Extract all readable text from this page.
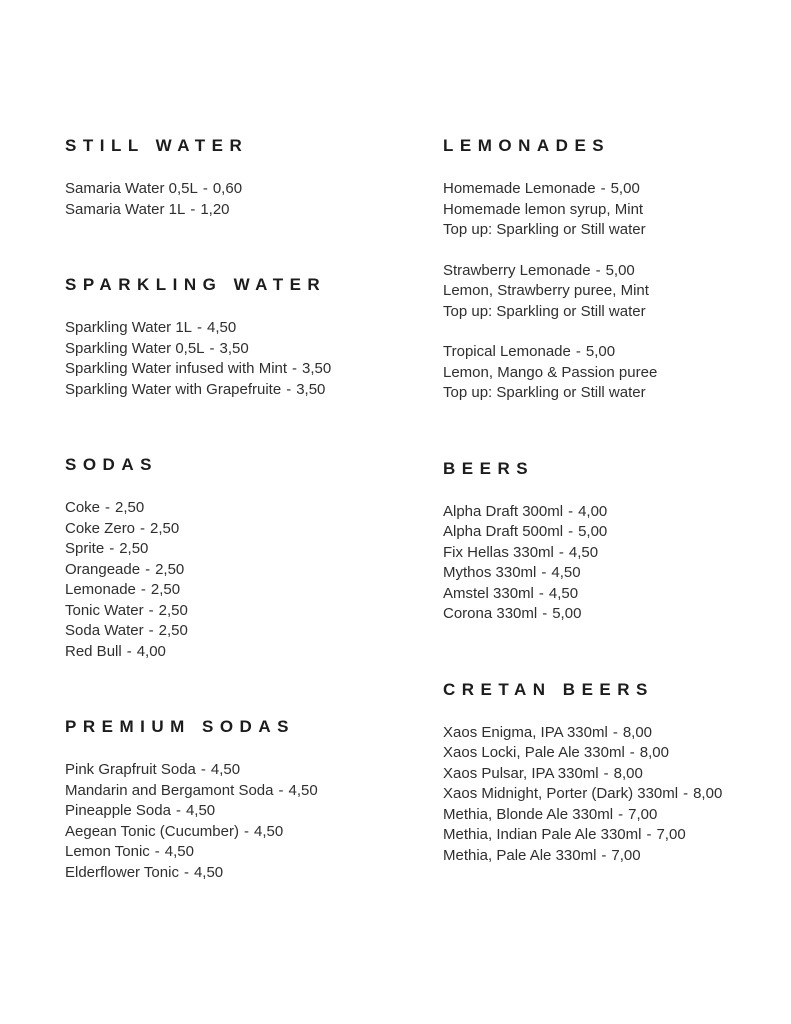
STILL WATER
Samaria Water 0,5L - 0,60
Samaria Water 1L - 1,20
SPARKLING WATER
Sparkling Water 1L - 4,50
Sparkling Water 0,5L - 3,50
Sparkling Water infused with Mint - 3,50
Sparkling Water with Grapefruite - 3,50
SODAS
Coke - 2,50
Coke Zero - 2,50
Sprite - 2,50
Orangeade - 2,50
Lemonade - 2,50
Tonic Water - 2,50
Soda Water - 2,50
Red Bull - 4,00
PREMIUM SODAS
Pink Grapfruit Soda - 4,50
Mandarin and Bergamont Soda - 4,50
Pineapple Soda - 4,50
Aegean Tonic (Cucumber) - 4,50
Lemon Tonic - 4,50
Elderflower Tonic - 4,50
LEMONADES
Homemade Lemonade - 5,00
Homemade lemon syrup, Mint
Top up: Sparkling or Still water
Strawberry Lemonade - 5,00
Lemon, Strawberry puree, Mint
Top up: Sparkling or Still water
Tropical Lemonade - 5,00
Lemon, Mango & Passion puree
Top up: Sparkling or Still water
BEERS
Alpha Draft 300ml - 4,00
Alpha Draft 500ml - 5,00
Fix Hellas 330ml - 4,50
Mythos 330ml - 4,50
Amstel 330ml - 4,50
Corona 330ml - 5,00
CRETAN BEERS
Xaos Enigma, IPA 330ml - 8,00
Xaos Locki, Pale Ale 330ml - 8,00
Xaos Pulsar, IPA 330ml - 8,00
Xaos Midnight, Porter (Dark) 330ml - 8,00
Methia, Blonde Ale 330ml - 7,00
Methia, Indian Pale Ale 330ml - 7,00
Methia, Pale Ale 330ml - 7,00
